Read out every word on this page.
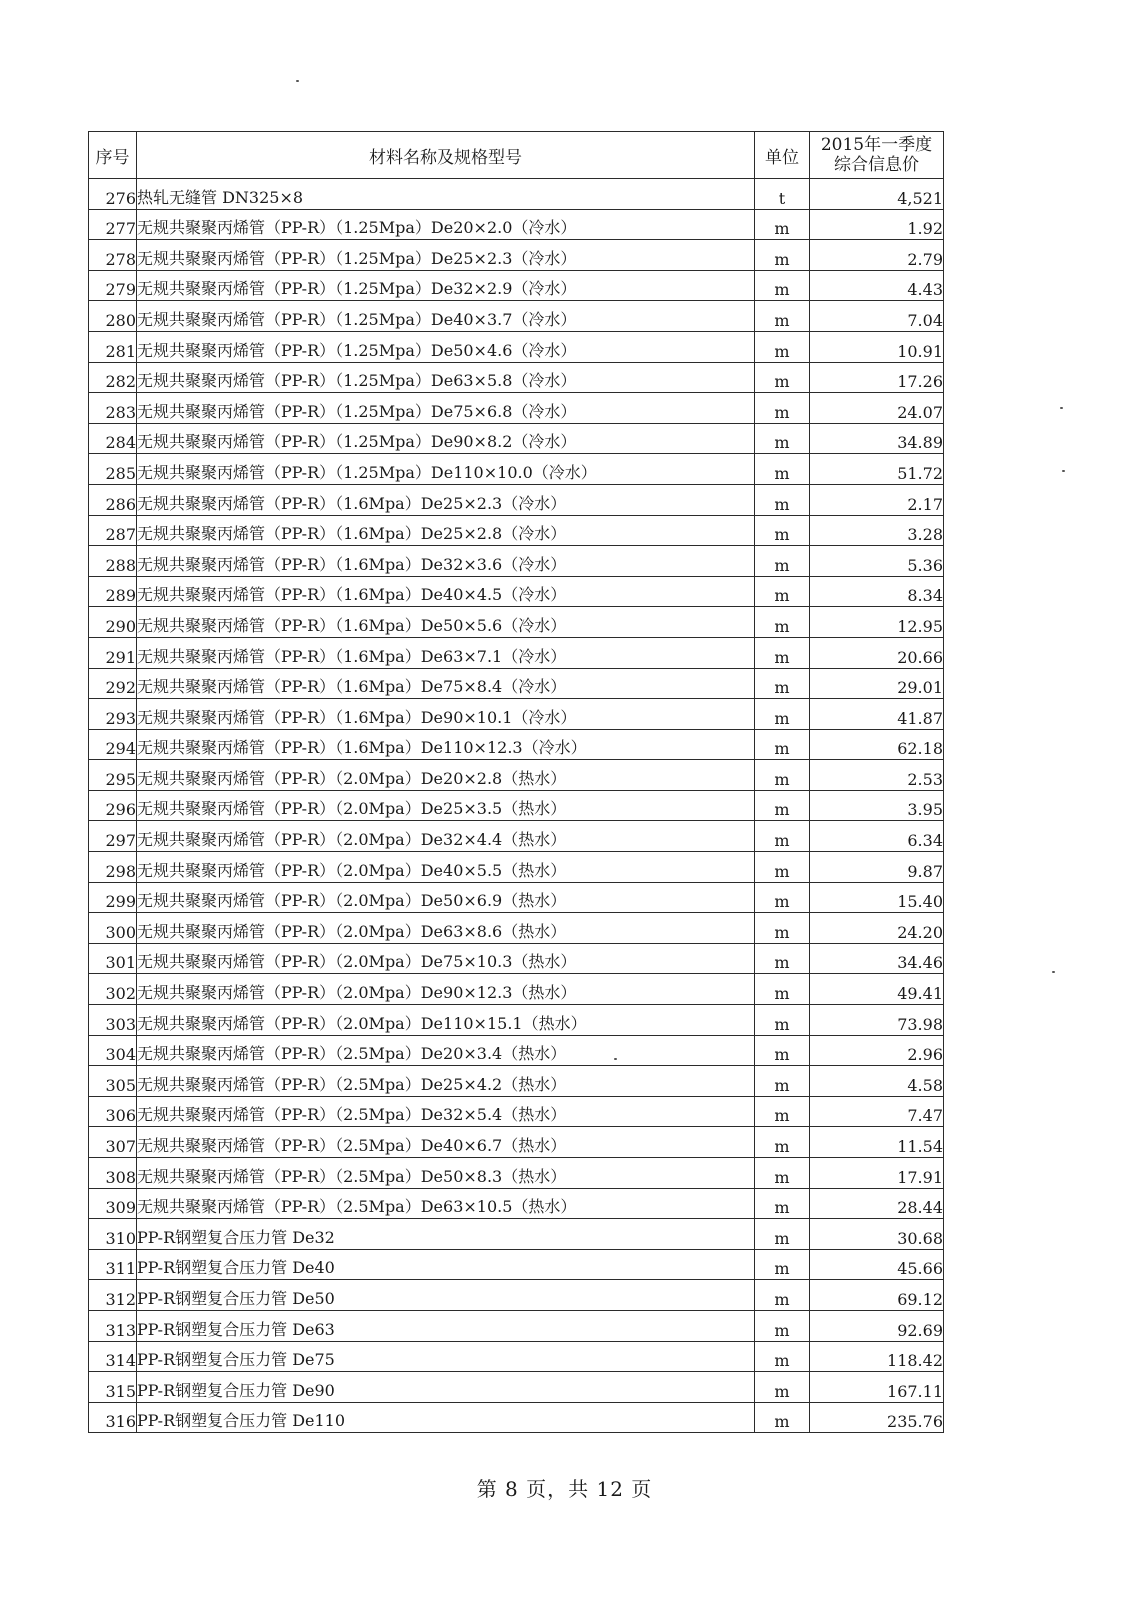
序号	材料名称及规格型号	单位	2015年一季度
综合信息价

276	热轧无缝管 DN325×8	t	4,521
277	无规共聚聚丙烯管（PP-R）（1.25Mpa）De20×2.0（冷水）	m	1.92
278	无规共聚聚丙烯管（PP-R）（1.25Mpa）De25×2.3（冷水）	m	2.79
279	无规共聚聚丙烯管（PP-R）（1.25Mpa）De32×2.9（冷水）	m	4.43
280	无规共聚聚丙烯管（PP-R）（1.25Mpa）De40×3.7（冷水）	m	7.04
281	无规共聚聚丙烯管（PP-R）（1.25Mpa）De50×4.6（冷水）	m	10.91
282	无规共聚聚丙烯管（PP-R）（1.25Mpa）De63×5.8（冷水）	m	17.26
283	无规共聚聚丙烯管（PP-R）（1.25Mpa）De75×6.8（冷水）	m	24.07
284	无规共聚聚丙烯管（PP-R）（1.25Mpa）De90×8.2（冷水）	m	34.89
285	无规共聚聚丙烯管（PP-R）（1.25Mpa）De110×10.0（冷水）	m	51.72
286	无规共聚聚丙烯管（PP-R）（1.6Mpa）De25×2.3（冷水）	m	2.17
287	无规共聚聚丙烯管（PP-R）（1.6Mpa）De25×2.8（冷水）	m	3.28
288	无规共聚聚丙烯管（PP-R）（1.6Mpa）De32×3.6（冷水）	m	5.36
289	无规共聚聚丙烯管（PP-R）（1.6Mpa）De40×4.5（冷水）	m	8.34
290	无规共聚聚丙烯管（PP-R）（1.6Mpa）De50×5.6（冷水）	m	12.95
291	无规共聚聚丙烯管（PP-R）（1.6Mpa）De63×7.1（冷水）	m	20.66
292	无规共聚聚丙烯管（PP-R）（1.6Mpa）De75×8.4（冷水）	m	29.01
293	无规共聚聚丙烯管（PP-R）（1.6Mpa）De90×10.1（冷水）	m	41.87
294	无规共聚聚丙烯管（PP-R）（1.6Mpa）De110×12.3（冷水）	m	62.18
295	无规共聚聚丙烯管（PP-R）（2.0Mpa）De20×2.8（热水）	m	2.53
296	无规共聚聚丙烯管（PP-R）（2.0Mpa）De25×3.5（热水）	m	3.95
297	无规共聚聚丙烯管（PP-R）（2.0Mpa）De32×4.4（热水）	m	6.34
298	无规共聚聚丙烯管（PP-R）（2.0Mpa）De40×5.5（热水）	m	9.87
299	无规共聚聚丙烯管（PP-R）（2.0Mpa）De50×6.9（热水）	m	15.40
300	无规共聚聚丙烯管（PP-R）（2.0Mpa）De63×8.6（热水）	m	24.20
301	无规共聚聚丙烯管（PP-R）（2.0Mpa）De75×10.3（热水）	m	34.46
302	无规共聚聚丙烯管（PP-R）（2.0Mpa）De90×12.3（热水）	m	49.41
303	无规共聚聚丙烯管（PP-R）（2.0Mpa）De110×15.1（热水）	m	73.98
304	无规共聚聚丙烯管（PP-R）（2.5Mpa）De20×3.4（热水）	m	2.96
305	无规共聚聚丙烯管（PP-R）（2.5Mpa）De25×4.2（热水）	m	4.58
306	无规共聚聚丙烯管（PP-R）（2.5Mpa）De32×5.4（热水）	m	7.47
307	无规共聚聚丙烯管（PP-R）（2.5Mpa）De40×6.7（热水）	m	11.54
308	无规共聚聚丙烯管（PP-R）（2.5Mpa）De50×8.3（热水）	m	17.91
309	无规共聚聚丙烯管（PP-R）（2.5Mpa）De63×10.5（热水）	m	28.44
310	PP-R钢塑复合压力管 De32	m	30.68
311	PP-R钢塑复合压力管 De40	m	45.66
312	PP-R钢塑复合压力管 De50	m	69.12
313	PP-R钢塑复合压力管 De63	m	92.69
314	PP-R钢塑复合压力管 De75	m	118.42
315	PP-R钢塑复合压力管 De90	m	167.11
316	PP-R钢塑复合压力管 De110	m	235.76
第 8 页，共 12 页
